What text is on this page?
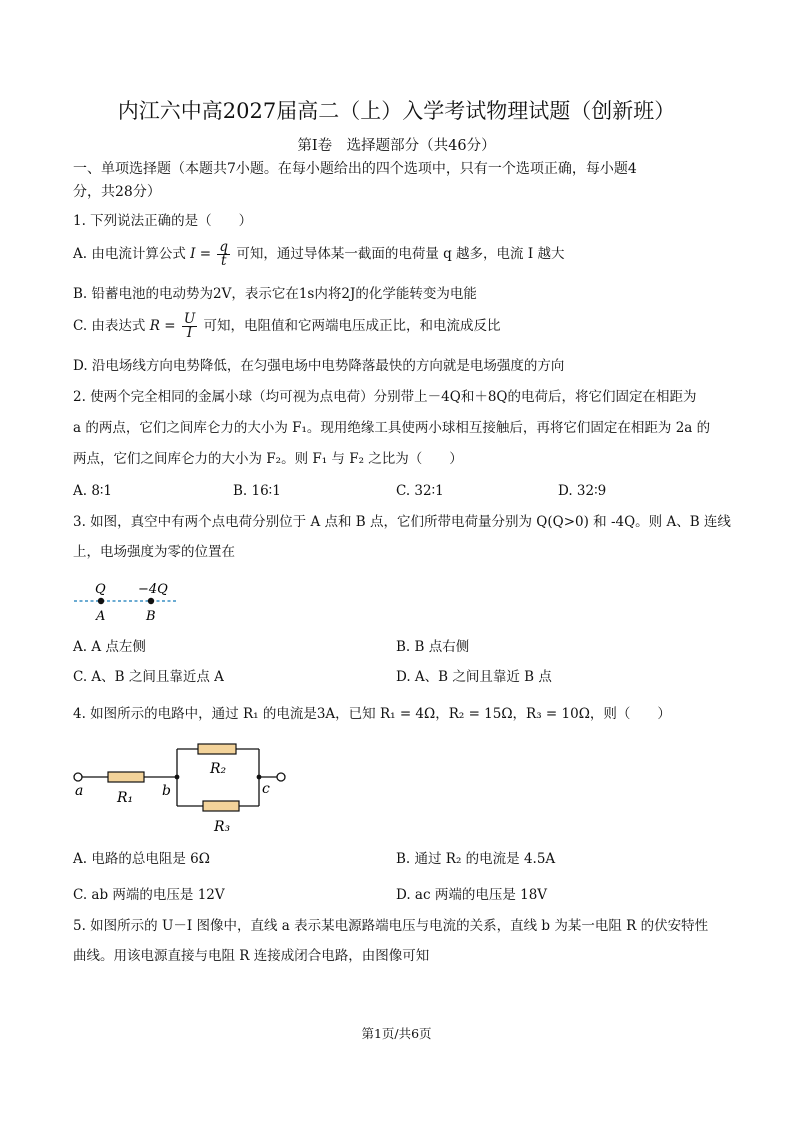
内江六中高2027届高二（上）入学考试物理试题（创新班）
第Ⅰ卷　选择题部分（共46分）
一、单项选择题（本题共7小题。在每小题给出的四个选项中，只有一个选项正确，每小题4
分，共28分）
1. 下列说法正确的是（　　）
A. 由电流计算公式 $I = \frac{q}{t}$ 可知，通过导体某一截面的电荷量 q 越多，电流 I 越大
B. 铅蓄电池的电动势为2V，表示它在1s内将2J的化学能转变为电能
C. 由表达式 $R = \frac{U}{I}$ 可知，电阻值和它两端电压成正比，和电流成反比
D. 沿电场线方向电势降低，在匀强电场中电势降落最快的方向就是电场强度的方向
2. 使两个完全相同的金属小球（均可视为点电荷）分别带上－4Q和＋8Q的电荷后，将它们固定在相距为
a 的两点，它们之间库仑力的大小为 F₁。现用绝缘工具使两小球相互接触后，再将它们固定在相距为 2a 的
两点，它们之间库仑力的大小为 F₂。则 F₁ 与 F₂ 之比为（　　）
A. 8∶1	B. 16∶1	C. 32∶1	D. 32∶9
3. 如图，真空中有两个点电荷分别位于 A 点和 B 点，它们所带电荷量分别为 Q(Q>0) 和 -4Q。则 A、B 连线
上，电场强度为零的位置在
Q −4Q
A	B
A. A 点左侧	B. B 点右侧
C. A、B 之间且靠近点 A	D. A、B 之间且靠近 B 点
4. 如图所示的电路中，通过 R₁ 的电流是3A，已知 R₁ = 4Ω，R₂ = 15Ω，R₃ = 10Ω，则（　　）
a	b	c
R₁
R₂
R₃
A. 电路的总电阻是 6Ω	B. 通过 R₂ 的电流是 4.5A
C. ab 两端的电压是 12V	D. ac 两端的电压是 18V
5. 如图所示的 U－I 图像中，直线 a 表示某电源路端电压与电流的关系，直线 b 为某一电阻 R 的伏安特性
曲线。用该电源直接与电阻 R 连接成闭合电路，由图像可知
第1页/共6页
